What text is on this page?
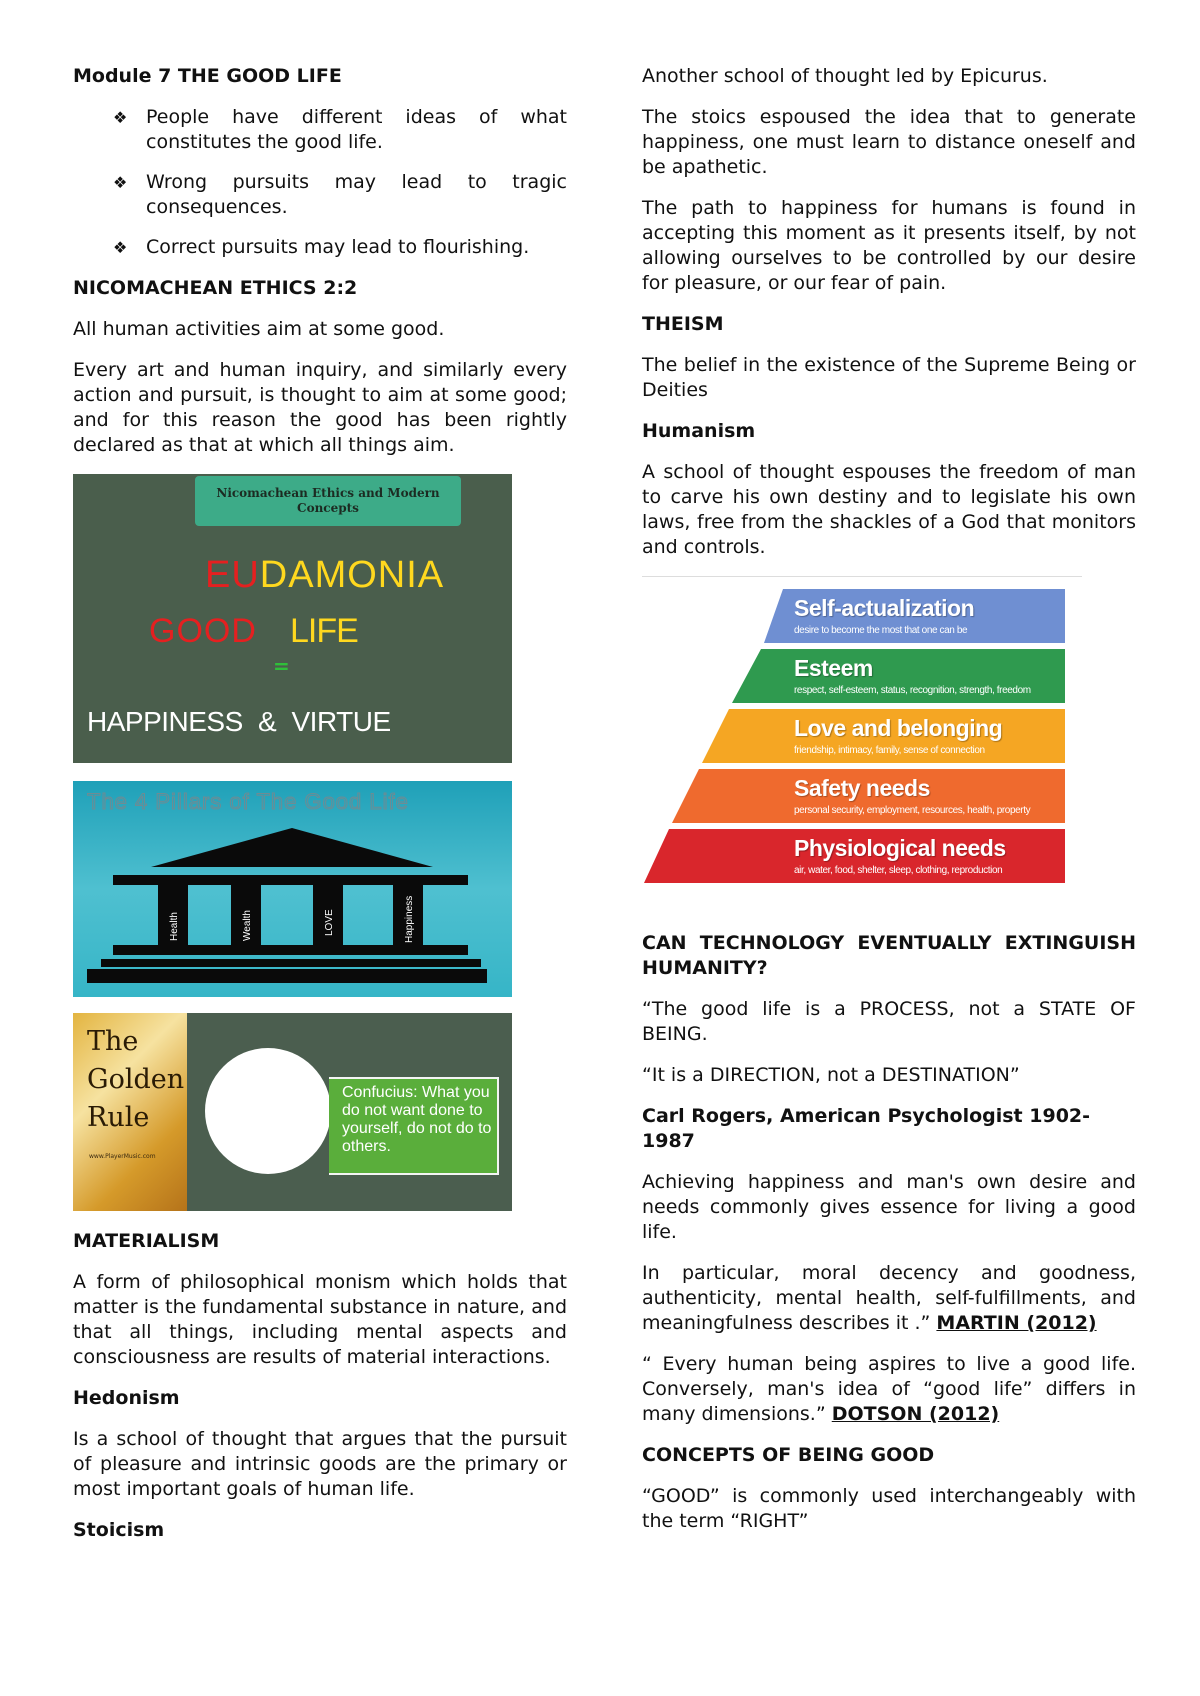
Module 7 THE GOOD LIFE
❖ People have different ideas of what constitutes the good life.
❖ Wrong pursuits may lead to tragic consequences.
❖ Correct pursuits may lead to flourishing.
NICOMACHEAN ETHICS 2:2

All human activities aim at some good.

Every art and human inquiry, and similarly every action and pursuit, is thought to aim at some good; and for this reason the good has been rightly declared as that at which all things aim.

Nicomachean Ethics and Modern Concepts
EUDAMONIA
GOOD LIFE
=
HAPPINESS & VIRTUE
The 4 Pillars of The Good Life
Health	Wealth	LOVE	Happiness
The Golden Rule
www.PlayerMusic.com
Confucius: What you do not want done to yourself, do not do to others.
MATERIALISM

A form of philosophical monism which holds that matter is the fundamental substance in nature, and that all things, including mental aspects and consciousness are results of material interactions.

Hedonism

Is a school of thought that argues that the pursuit of pleasure and intrinsic goods are the primary or most important goals of human life.

Stoicism

Another school of thought led by Epicurus.

The stoics espoused the idea that to generate happiness, one must learn to distance oneself and be apathetic.

The path to happiness for humans is found in accepting this moment as it presents itself, by not allowing ourselves to be controlled by our desire for pleasure, or our fear of pain.

THEISM

The belief in the existence of the Supreme Being or Deities

Humanism

A school of thought espouses the freedom of man to carve his own destiny and to legislate his own laws, free from the shackles of a God that monitors and controls.

Self-actualization
desire to become the most that one can be
Esteem
respect, self-esteem, status, recognition, strength, freedom
Love and belonging
friendship, intimacy, family, sense of connection
Safety needs
personal security, employment, resources, health, property
Physiological needs
air, water, food, shelter, sleep, clothing, reproduction
CAN TECHNOLOGY EVENTUALLY EXTINGUISH HUMANITY?

“The good life is a PROCESS, not a STATE OF BEING.

“It is a DIRECTION, not a DESTINATION”

Carl Rogers, American Psychologist 1902-1987

Achieving happiness and man's own desire and needs commonly gives essence for living a good life.

In particular, moral decency and goodness, authenticity, mental health, self-fulfillments, and meaningfulness describes it .” MARTIN (2012)

“ Every human being aspires to live a good life. Conversely, man's idea of “good life” differs in many dimensions.” DOTSON (2012)

CONCEPTS OF BEING GOOD

“GOOD” is commonly used interchangeably with the term “RIGHT”
